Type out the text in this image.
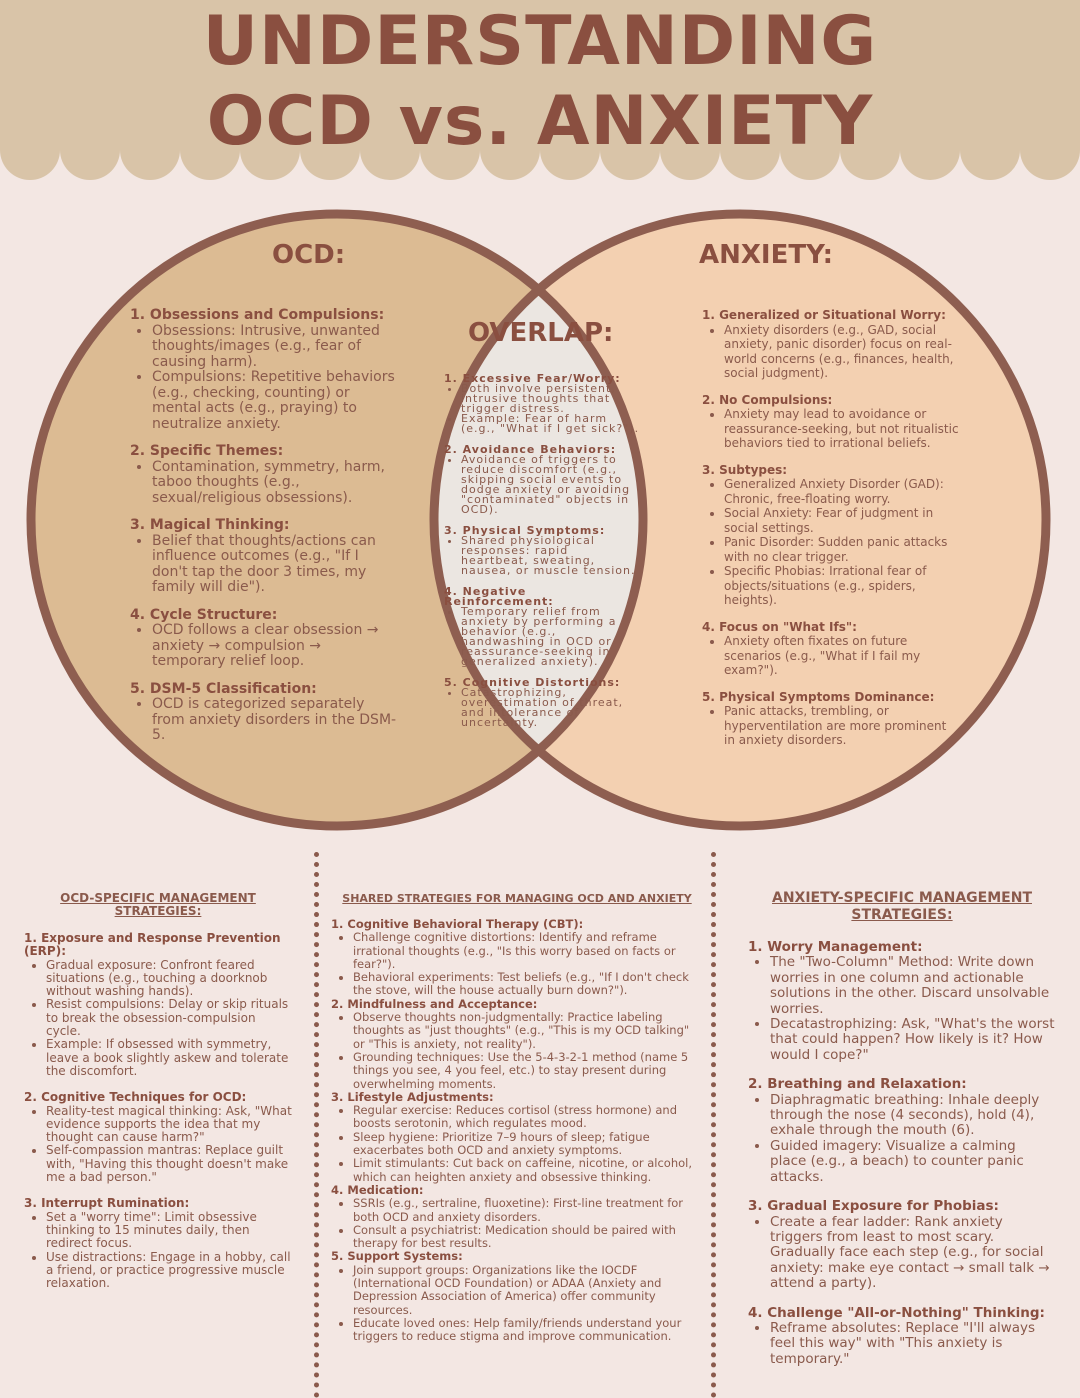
UNDERSTANDING
OCD vs. ANXIETY
OCD:
1. Obsessions and Compulsions:
• Obsessions: Intrusive, unwanted thoughts/images (e.g., fear of causing harm).
• Compulsions: Repetitive behaviors (e.g., checking, counting) or mental acts (e.g., praying) to neutralize anxiety.
2. Specific Themes:
• Contamination, symmetry, harm, taboo thoughts (e.g., sexual/religious obsessions).
3. Magical Thinking:
• Belief that thoughts/actions can influence outcomes (e.g., "If I don't tap the door 3 times, my family will die").
4. Cycle Structure:
• OCD follows a clear obsession → anxiety → compulsion → temporary relief loop.
5. DSM-5 Classification:
• OCD is categorized separately from anxiety disorders in the DSM-5.
OVERLAP:
1. Excessive Fear/Worry:
• Both involve persistent, intrusive thoughts that trigger distress.
• Example: Fear of harm (e.g., "What if I get sick?").
2. Avoidance Behaviors:
• Avoidance of triggers to reduce discomfort (e.g., skipping social events to dodge anxiety or avoiding "contaminated" objects in OCD).
3. Physical Symptoms:
• Shared physiological responses: rapid heartbeat, sweating, nausea, or muscle tension.
4. Negative Reinforcement:
• Temporary relief from anxiety by performing a behavior (e.g., handwashing in OCD or reassurance-seeking in generalized anxiety).
5. Cognitive Distortions:
• Catastrophizing, overestimation of threat, and intolerance of uncertainty.
ANXIETY:
1. Generalized or Situational Worry:
• Anxiety disorders (e.g., GAD, social anxiety, panic disorder) focus on real-world concerns (e.g., finances, health, social judgment).
2. No Compulsions:
• Anxiety may lead to avoidance or reassurance-seeking, but not ritualistic behaviors tied to irrational beliefs.
3. Subtypes:
• Generalized Anxiety Disorder (GAD): Chronic, free-floating worry.
• Social Anxiety: Fear of judgment in social settings.
• Panic Disorder: Sudden panic attacks with no clear trigger.
• Specific Phobias: Irrational fear of objects/situations (e.g., spiders, heights).
4. Focus on "What Ifs":
• Anxiety often fixates on future scenarios (e.g., "What if I fail my exam?").
5. Physical Symptoms Dominance:
• Panic attacks, trembling, or hyperventilation are more prominent in anxiety disorders.
OCD-SPECIFIC MANAGEMENT STRATEGIES:
1. Exposure and Response Prevention (ERP):
• Gradual exposure: Confront feared situations (e.g., touching a doorknob without washing hands).
• Resist compulsions: Delay or skip rituals to break the obsession-compulsion cycle.
• Example: If obsessed with symmetry, leave a book slightly askew and tolerate the discomfort.
2. Cognitive Techniques for OCD:
• Reality-test magical thinking: Ask, "What evidence supports the idea that my thought can cause harm?"
• Self-compassion mantras: Replace guilt with, "Having this thought doesn't make me a bad person."
3. Interrupt Rumination:
• Set a "worry time": Limit obsessive thinking to 15 minutes daily, then redirect focus.
• Use distractions: Engage in a hobby, call a friend, or practice progressive muscle relaxation.
SHARED STRATEGIES FOR MANAGING OCD AND ANXIETY
1. Cognitive Behavioral Therapy (CBT):
• Challenge cognitive distortions: Identify and reframe irrational thoughts (e.g., "Is this worry based on facts or fear?").
• Behavioral experiments: Test beliefs (e.g., "If I don't check the stove, will the house actually burn down?").
2. Mindfulness and Acceptance:
• Observe thoughts non-judgmentally: Practice labeling thoughts as "just thoughts" (e.g., "This is my OCD talking" or "This is anxiety, not reality").
• Grounding techniques: Use the 5-4-3-2-1 method (name 5 things you see, 4 you feel, etc.) to stay present during overwhelming moments.
3. Lifestyle Adjustments:
• Regular exercise: Reduces cortisol (stress hormone) and boosts serotonin, which regulates mood.
• Sleep hygiene: Prioritize 7–9 hours of sleep; fatigue exacerbates both OCD and anxiety symptoms.
• Limit stimulants: Cut back on caffeine, nicotine, or alcohol, which can heighten anxiety and obsessive thinking.
4. Medication:
• SSRIs (e.g., sertraline, fluoxetine): First-line treatment for both OCD and anxiety disorders.
• Consult a psychiatrist: Medication should be paired with therapy for best results.
5. Support Systems:
• Join support groups: Organizations like the IOCDF (International OCD Foundation) or ADAA (Anxiety and Depression Association of America) offer community resources.
• Educate loved ones: Help family/friends understand your triggers to reduce stigma and improve communication.
ANXIETY-SPECIFIC MANAGEMENT STRATEGIES:
1. Worry Management:
• The "Two-Column" Method: Write down worries in one column and actionable solutions in the other. Discard unsolvable worries.
• Decatastrophizing: Ask, "What's the worst that could happen? How likely is it? How would I cope?"
2. Breathing and Relaxation:
• Diaphragmatic breathing: Inhale deeply through the nose (4 seconds), hold (4), exhale through the mouth (6).
• Guided imagery: Visualize a calming place (e.g., a beach) to counter panic attacks.
3. Gradual Exposure for Phobias:
• Create a fear ladder: Rank anxiety triggers from least to most scary. Gradually face each step (e.g., for social anxiety: make eye contact → small talk → attend a party).
4. Challenge "All-or-Nothing" Thinking:
• Reframe absolutes: Replace "I'll always feel this way" with "This anxiety is temporary."
